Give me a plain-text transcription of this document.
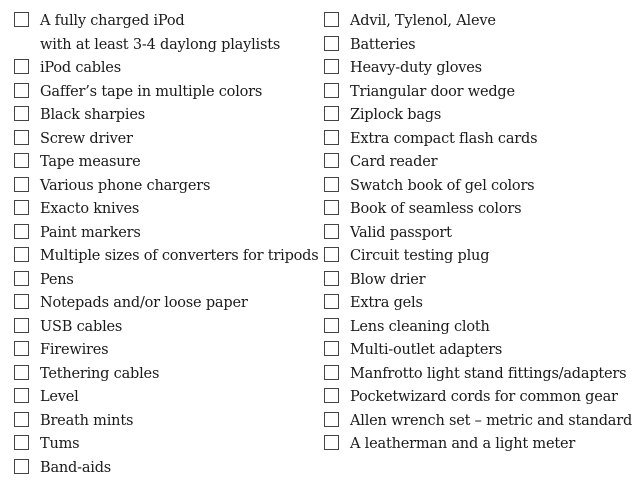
A fully charged iPod
with at least 3-4 daylong playlists
iPod cables
Gaffer’s tape in multiple colors
Black sharpies
Screw driver
Tape measure
Various phone chargers
Exacto knives
Paint markers
Multiple sizes of converters for tripods
Pens
Notepads and/or loose paper
USB cables
Firewires
Tethering cables
Level
Breath mints
Tums
Band-aids
Advil, Tylenol, Aleve
Batteries
Heavy-duty gloves
Triangular door wedge
Ziplock bags
Extra compact flash cards
Card reader
Swatch book of gel colors
Book of seamless colors
Valid passport
Circuit testing plug
Blow drier
Extra gels
Lens cleaning cloth
Multi-outlet adapters
Manfrotto light stand fittings/adapters
Pocketwizard cords for common gear
Allen wrench set – metric and standard
A leatherman and a light meter
